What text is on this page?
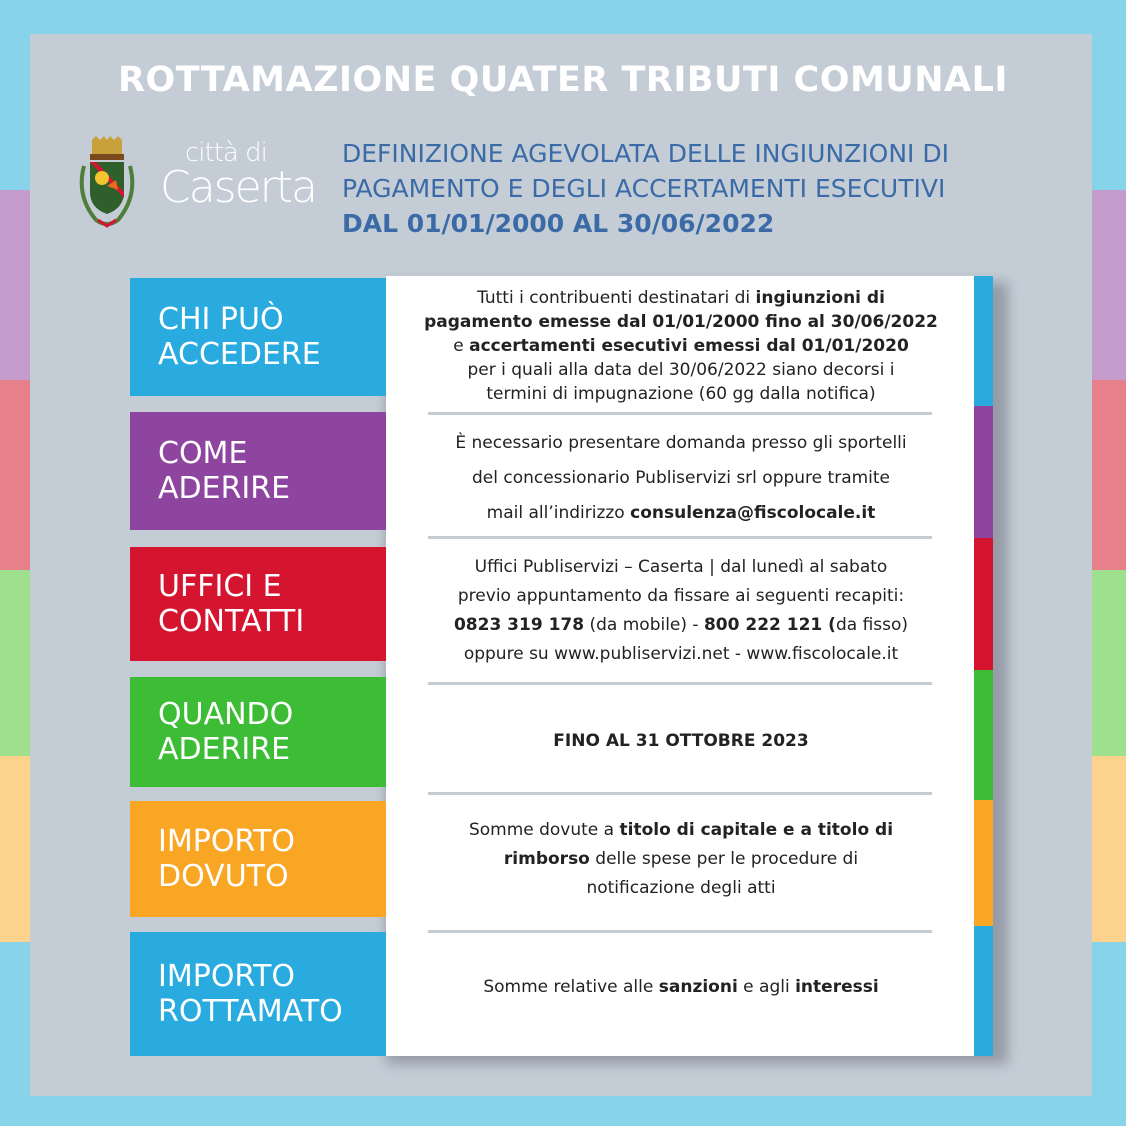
ROTTAMAZIONE QUATER TRIBUTI COMUNALI
città di
Caserta
DEFINIZIONE AGEVOLATA DELLE INGIUNZIONI DI
PAGAMENTO E DEGLI ACCERTAMENTI ESECUTIVI
DAL 01/01/2000 AL 30/06/2022
CHI PUÒ
ACCEDERE
COME
ADERIRE
UFFICI E
CONTATTI
QUANDO
ADERIRE
IMPORTO
DOVUTO
IMPORTO
ROTTAMATO
Tutti i contribuenti destinatari di ingiunzioni di
pagamento emesse dal 01/01/2000 fino al 30/06/2022
e accertamenti esecutivi emessi dal 01/01/2020
per i quali alla data del 30/06/2022 siano decorsi i
termini di impugnazione (60 gg dalla notifica)
È necessario presentare domanda presso gli sportelli
del concessionario Publiservizi srl oppure tramite
mail all’indirizzo consulenza@fiscolocale.it
Uffici Publiservizi – Caserta | dal lunedì al sabato
previo appuntamento da fissare ai seguenti recapiti:
0823 319 178 (da mobile) - 800 222 121 (da fisso)
oppure su www.publiservizi.net - www.fiscolocale.it
FINO AL 31 OTTOBRE 2023
Somme dovute a titolo di capitale e a titolo di
rimborso delle spese per le procedure di
notificazione degli atti
Somme relative alle sanzioni e agli interessi
